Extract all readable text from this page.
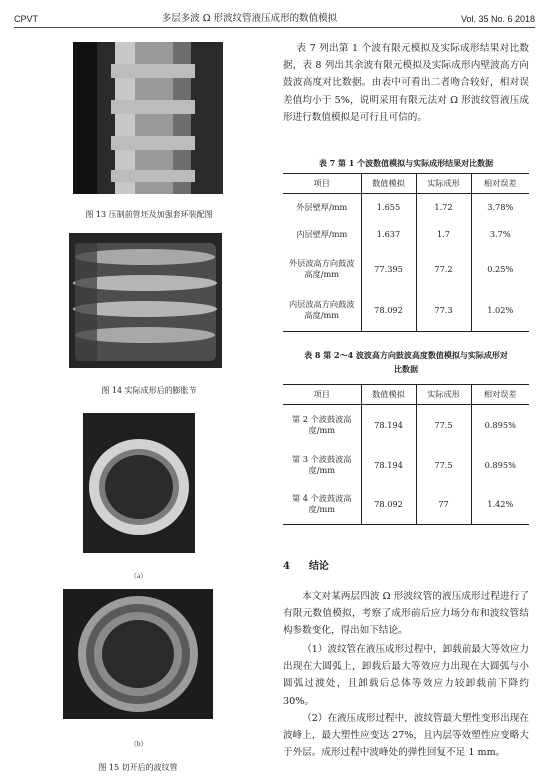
CPVT	多层多波 Ω 形波纹管液压成形的数值模拟	Vol. 35 No. 6 2018
图 13 压制前管坯及加强套环装配图
图 14 实际成形后的膨胀节
（a）
（b）
图 15 切开后的波纹管
表 7 列出第 1 个波有限元模拟及实际成形结果对比数据，表 8 列出其余波有限元模拟及实际成形内壁波高方向鼓波高度对比数据。由表中可看出二者吻合较好，相对误差值均小于 5%，说明采用有限元法对 Ω 形波纹管液压成形进行数值模拟是可行且可信的。
表 7 第 1 个波数值模拟与实际成形结果对比数据
项目	数值模拟	实际成形	相对误差
外层壁厚/mm	1.655	1.72	3.78%
内层壁厚/mm	1.637	1.7	3.7%
外层波高方向鼓波高度/mm	77.395	77.2	0.25%
内层波高方向鼓波高度/mm	78.092	77.3	1.02%
表 8 第 2～4 波波高方向鼓波高度数值模拟与实际成形对比数据
项目	数值模拟	实际成形	相对误差
第 2 个波鼓波高度/mm	78.194	77.5	0.895%
第 3 个波鼓波高度/mm	78.194	77.5	0.895%
第 4 个波鼓波高度/mm	78.092	77	1.42%
4 结论
本文对某两层四波 Ω 形波纹管的液压成形过程进行了有限元数值模拟，考察了成形前后应力场分布和波纹管结构参数变化，得出如下结论。
（1）波纹管在液压成形过程中，卸载前最大等效应力出现在大圆弧上，卸载后最大等效应力出现在大圆弧与小圆弧过渡处，且卸载后总体等效应力较卸载前下降约 30%。
（2）在液压成形过程中，波纹管最大塑性变形出现在波峰上，最大塑性应变达 27%，且内层等效塑性应变略大于外层。成形过程中波峰处的弹性回复不足 1 mm。
